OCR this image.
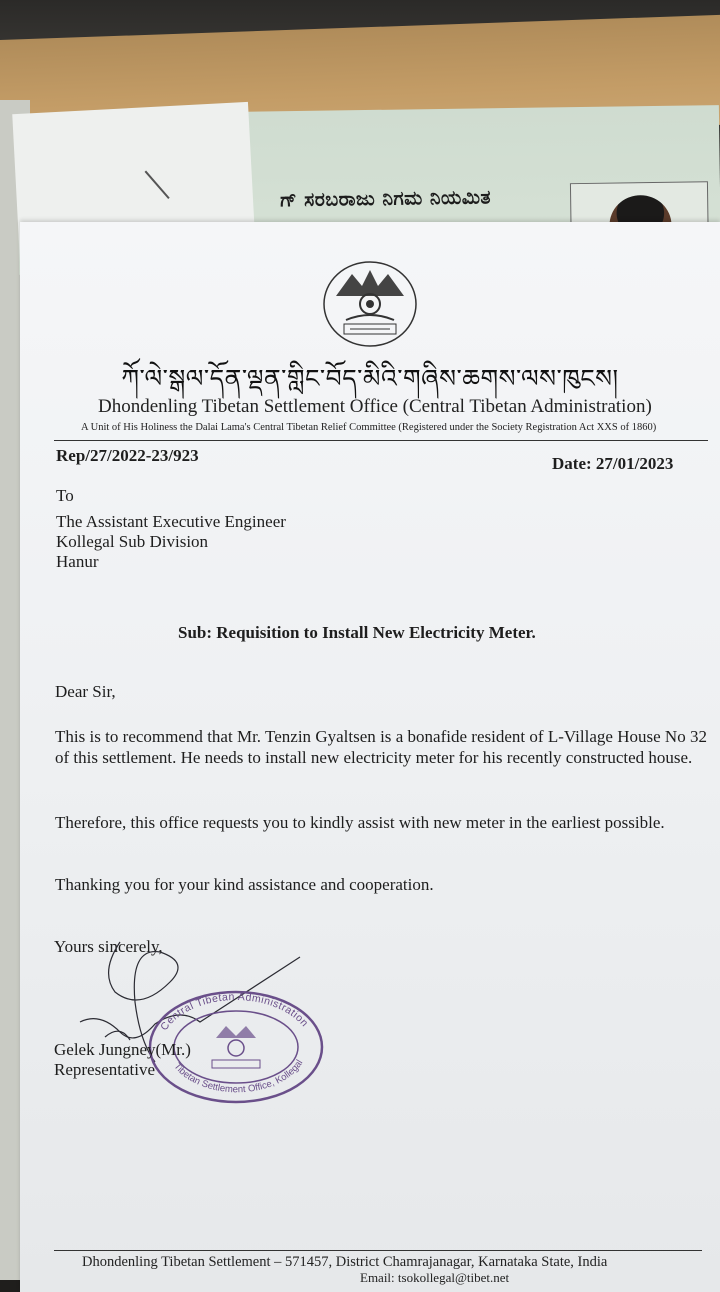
ಗ್ ಸರಬರಾಜು ನಿಗಮ ನಿಯಮಿತ
ཀོ་ལེ་སྒལ་དོན་ལྡན་གླིང་བོད་མིའི་གཞིས་ཆགས་ལས་ཁུངས།
Dhondenling Tibetan Settlement Office (Central Tibetan Administration)
A Unit of His Holiness the Dalai Lama's Central Tibetan Relief Committee (Registered under the Society Registration Act XXS of 1860)
Rep/27/2022-23/923	Date: 27/01/2023
To
The Assistant Executive Engineer
Kollegal Sub Division
Hanur
Sub: Requisition to Install New Electricity Meter.
Dear Sir,
This is to recommend that Mr. Tenzin Gyaltsen is a bonafide resident of L-Village House No 32 of this settlement. He needs to install new electricity meter for his recently constructed house.
Therefore, this office requests you to kindly assist with new meter in the earliest possible.
Thanking you for your kind assistance and cooperation.
Yours sincerely,
Central Tibetan Administration
Tibetan Settlement Office, Kollegal
Gelek Jungney(Mr.)
Representative
Dhondenling Tibetan Settlement – 571457, District Chamrajanagar, Karnataka State, India
Email: tsokollegal@tibet.net
